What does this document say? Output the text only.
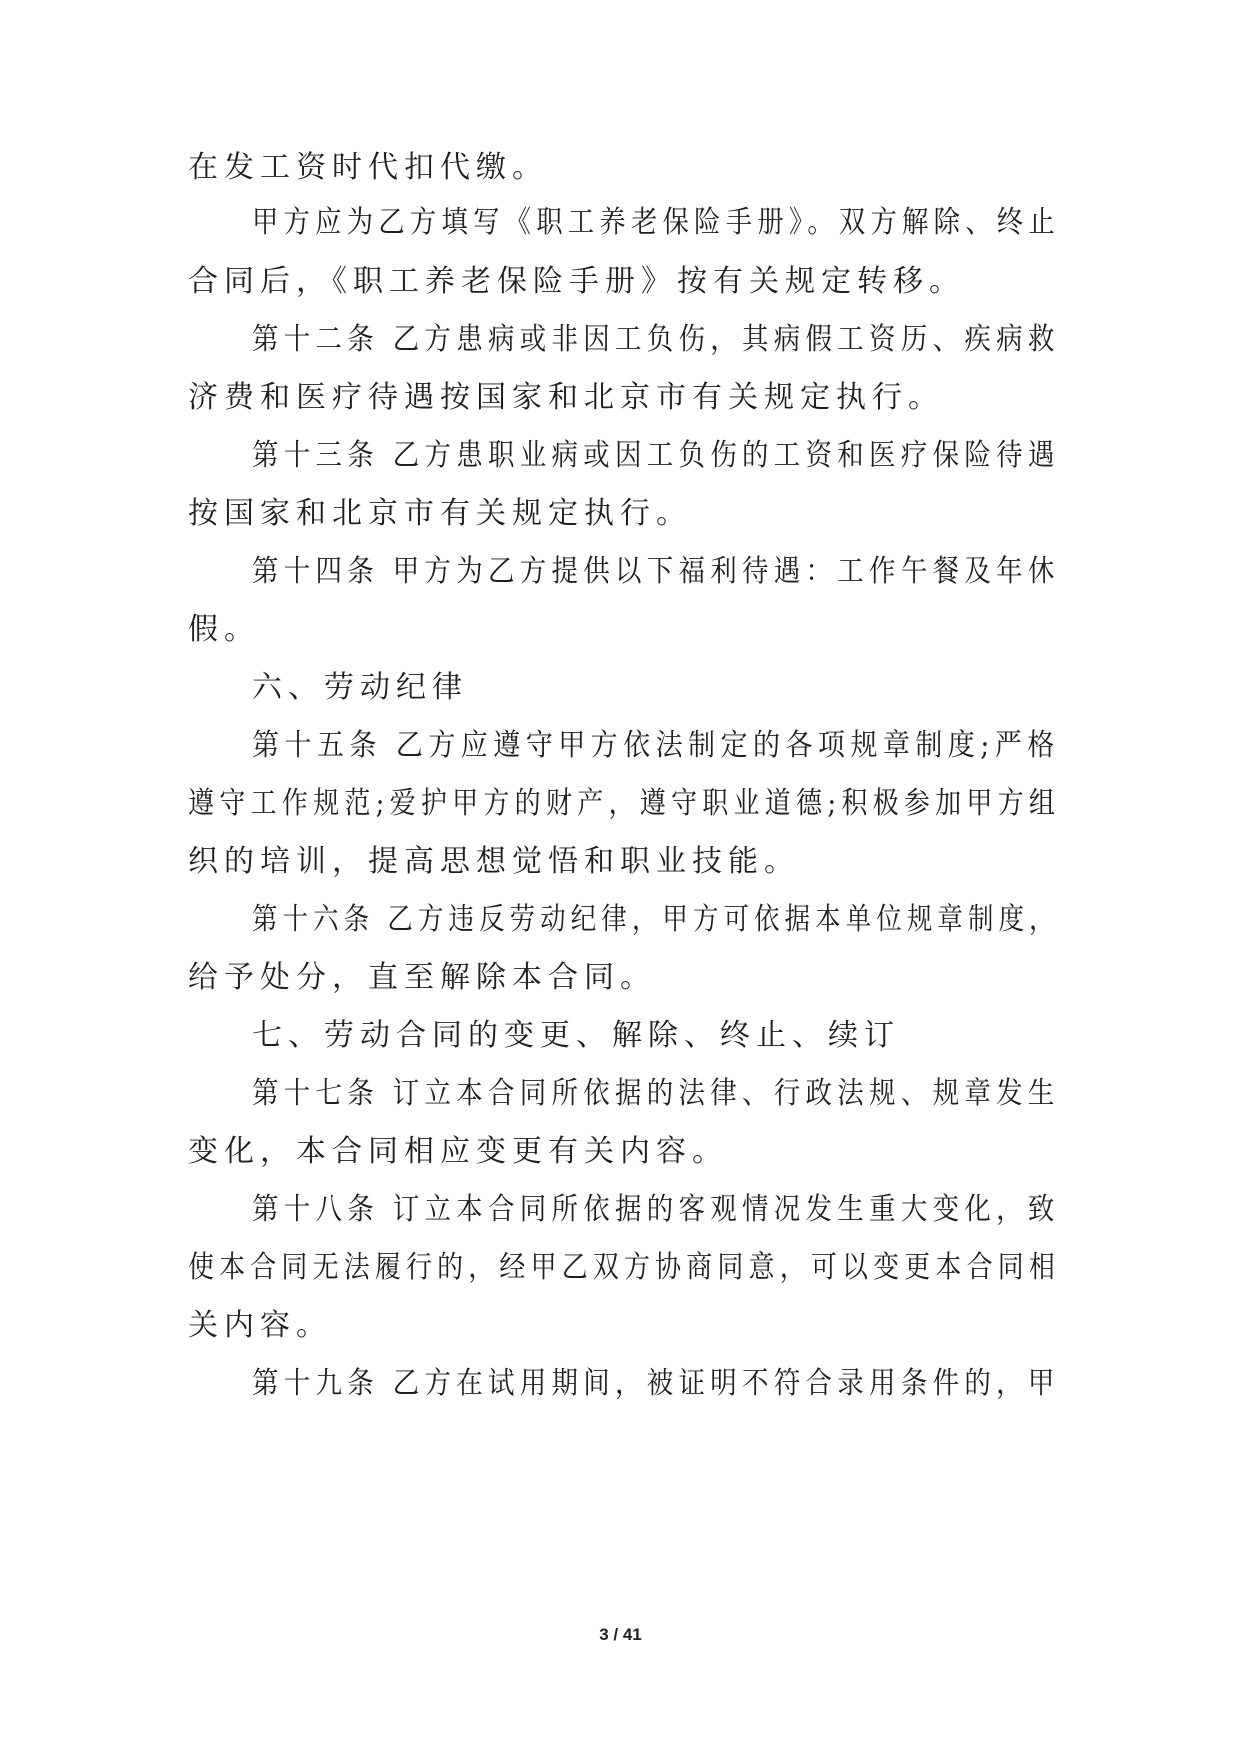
在发工资时代扣代缴。
甲方应为乙方填写《职工养老保险手册》。双方解除、终止
合同后，《职工养老保险手册》按有关规定转移。
第十二条 乙方患病或非因工负伤，其病假工资历、疾病救
济费和医疗待遇按国家和北京市有关规定执行。
第十三条 乙方患职业病或因工负伤的工资和医疗保险待遇
按国家和北京市有关规定执行。
第十四条 甲方为乙方提供以下福利待遇：工作午餐及年休
假。
六、劳动纪律
第十五条 乙方应遵守甲方依法制定的各项规章制度;严格
遵守工作规范;爱护甲方的财产，遵守职业道德;积极参加甲方组
织的培训，提高思想觉悟和职业技能。
第十六条 乙方违反劳动纪律，甲方可依据本单位规章制度，
给予处分，直至解除本合同。
七、劳动合同的变更、解除、终止、续订
第十七条 订立本合同所依据的法律、行政法规、规章发生
变化，本合同相应变更有关内容。
第十八条 订立本合同所依据的客观情况发生重大变化，致
使本合同无法履行的，经甲乙双方协商同意，可以变更本合同相
关内容。
第十九条 乙方在试用期间，被证明不符合录用条件的，甲
3 / 41
